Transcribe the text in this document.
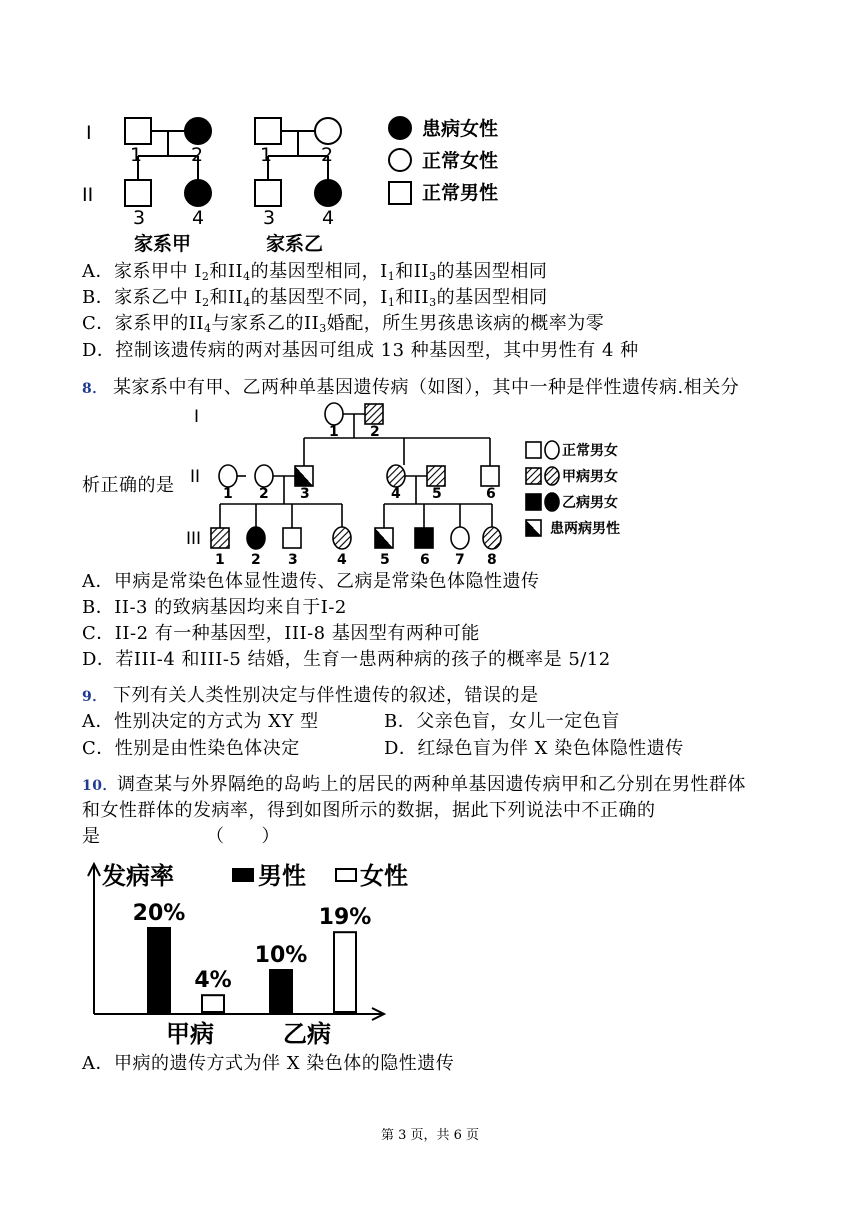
I
II
1	2
3 4
1	2
3 4
家系甲	家系乙
患病女性
正常女性
正常男性
A．家系甲中 $I_2$和$II_4$的基因型相同，$I_1$和$II_3$的基因型相同
B．家系乙中 $I_2$和$II_4$的基因型不同，$I_1$和$II_3$的基因型相同
C．家系甲的$II_4$与家系乙的$II_3$婚配，所生男孩患该病的概率为零
D．控制该遗传病的两对基因可组成 13 种基因型，其中男性有 4 种
8． 某家系中有甲、乙两种单基因遗传病（如图），其中一种是伴性遗传病.相关分
析正确的是
I
II
III
1 2
1 2 3	4 5	6
1 2 3	4 5 6 7 8
正常男女
甲病男女
乙病男女
患两病男性
A．甲病是常染色体显性遗传、乙病是常染色体隐性遗传
B．II-3 的致病基因均来自于I-2
C．II-2 有一种基因型，III-8 基因型有两种可能
D．若III-4 和III-5 结婚，生育一患两种病的孩子的概率是 5/12
9． 下列有关人类性别决定与伴性遗传的叙述，错误的是
A．性别决定的方式为 XY 型	B．父亲色盲，女儿一定色盲
C．性别是由性染色体决定	D．红绿色盲为伴 X 染色体隐性遗传
10．调查某与外界隔绝的岛屿上的居民的两种单基因遗传病甲和乙分别在男性群体
和女性群体的发病率，得到如图所示的数据，据此下列说法中不正确的
是	（　　）
发病率	男性 女性
20%
10%
4%
19%
甲病	乙病
A．甲病的遗传方式为伴 X 染色体的隐性遗传
第 3 页，共 6 页
